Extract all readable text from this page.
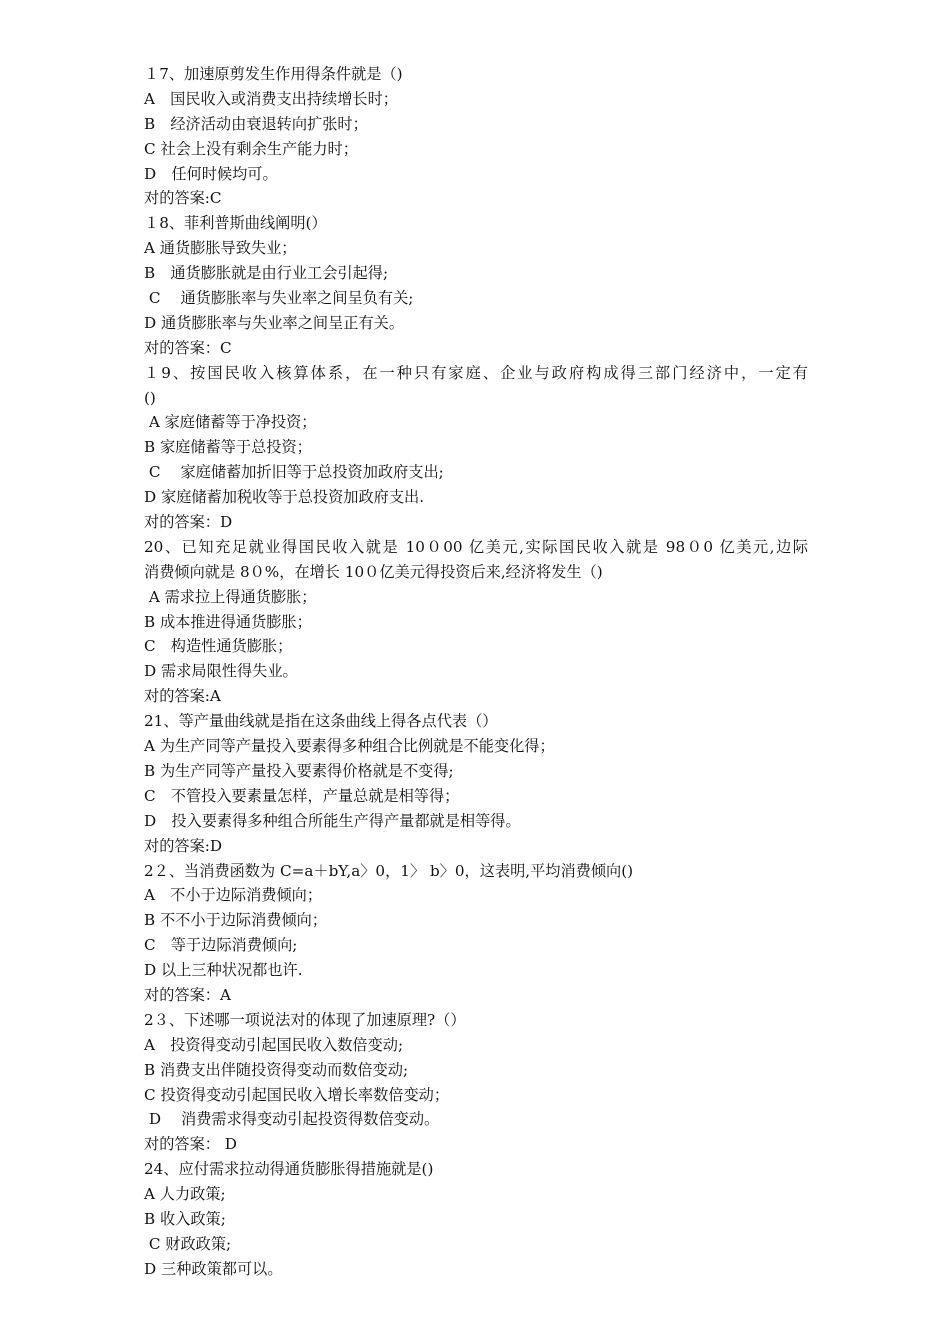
１7、加速原剪发生作用得条件就是（)
A　国民收入或消费支出持续增长时；
B　经济活动由衰退转向扩张时；
C 社会上没有剩余生产能力时；
D　任何时候均可。
对的答案:C
１8、菲利普斯曲线阐明(）
A 通货膨胀导致失业；
B　通货膨胀就是由行业工会引起得;
C　 通货膨胀率与失业率之间呈负有关;
D 通货膨胀率与失业率之间呈正有关。
对的答案：C
１9、按国民收入核算体系，在一种只有家庭、企业与政府构成得三部门经济中，一定有
()
A 家庭储蓄等于净投资；
B 家庭储蓄等于总投资；
C　 家庭储蓄加折旧等于总投资加政府支出;
D 家庭储蓄加税收等于总投资加政府支出.
对的答案：D
20、已知充足就业得国民收入就是 10０00 亿美元,实际国民收入就是 98０0 亿美元,边际
消费倾向就是 8０%，在增长 10０亿美元得投资后来,经济将发生（)
A 需求拉上得通货膨胀；
B 成本推进得通货膨胀；
C　构造性通货膨胀；
D 需求局限性得失业。
对的答案:A
21、等产量曲线就是指在这条曲线上得各点代表（）
A 为生产同等产量投入要素得多种组合比例就是不能变化得；
B 为生产同等产量投入要素得价格就是不变得;
C　不管投入要素量怎样，产量总就是相等得；
D　投入要素得多种组合所能生产得产量都就是相等得。
对的答案:D
2２、当消费函数为 C=a＋bY,a〉0，1〉 b〉0，这表明,平均消费倾向()
A　不小于边际消费倾向；
B 不不小于边际消费倾向；
C　等于边际消费倾向;
D 以上三种状况都也许.
对的答案：A
2３、下述哪一项说法对的体现了加速原理?（）
A　投资得变动引起国民收入数倍变动;
B 消费支出伴随投资得变动而数倍变动;
C 投资得变动引起国民收入增长率数倍变动；
D　 消费需求得变动引起投资得数倍变动。
对的答案： D
24、应付需求拉动得通货膨胀得措施就是()
A 人力政策;
B 收入政策;
C 财政政策;
D 三种政策都可以。
